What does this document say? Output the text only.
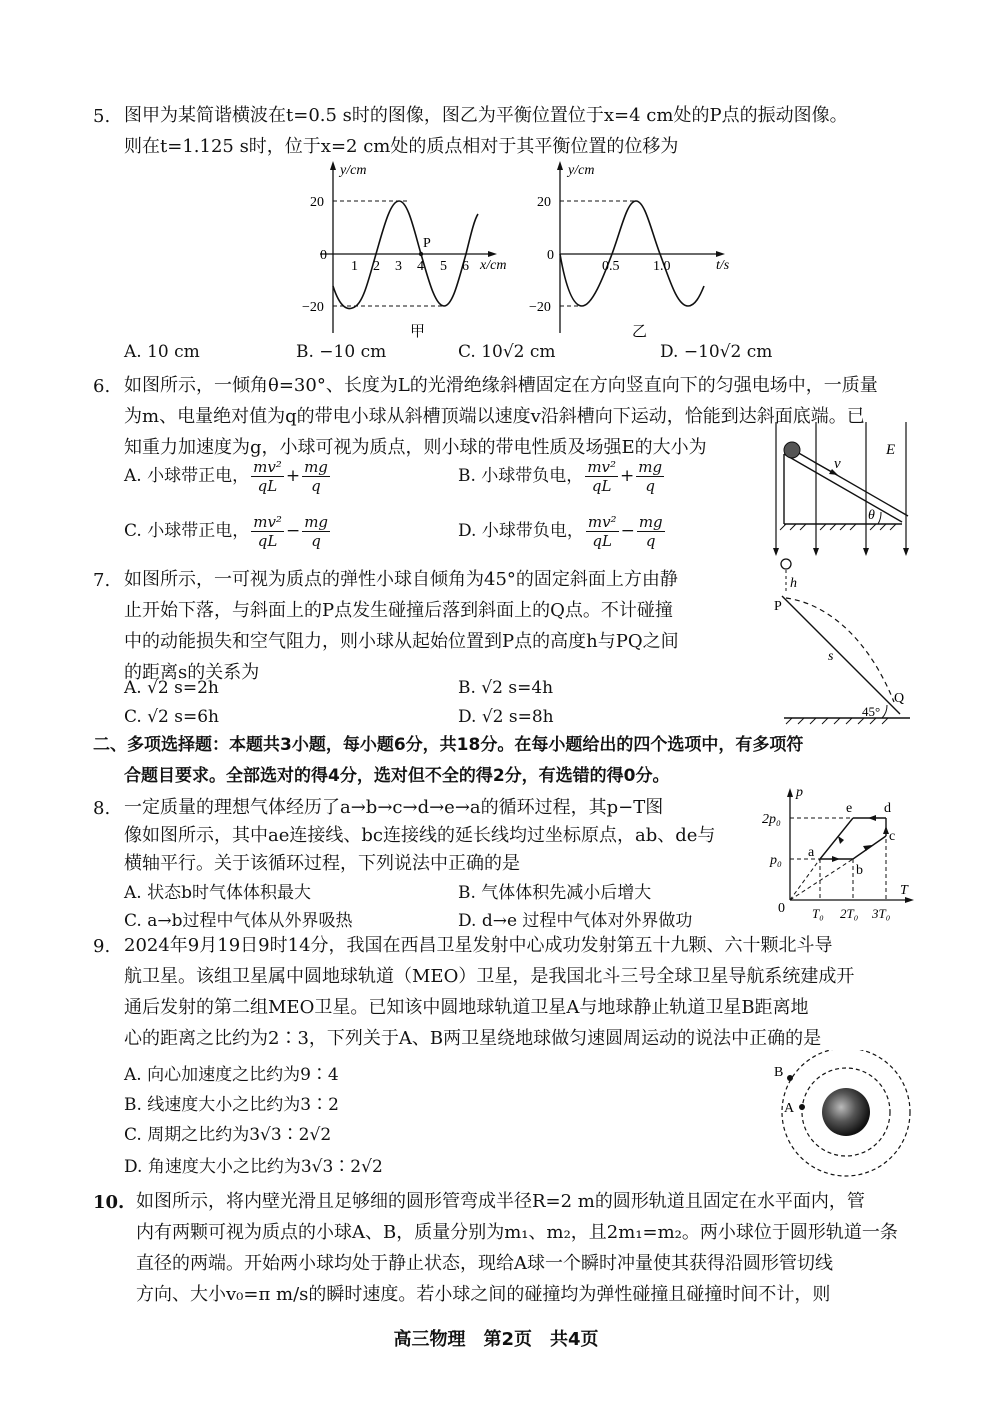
5. 图甲为某简谐横波在t=0.5 s时的图像，图乙为平衡位置位于x=4 cm处的P点的振动图像。
则在t=1.125 s时，位于x=2 cm处的质点相对于其平衡位置的位移为
y/cm
x/cm
20
0
−20
1 2 3 4 5 6
P
甲
y/cm
t/s
20
0
−20
0.5 1.0
乙
A. 10 cm	B. −10 cm	C. 10√2 cm	D. −10√2 cm
6. 如图所示，一倾角θ=30°、长度为L的光滑绝缘斜槽固定在方向竖直向下的匀强电场中，一质量
为m、电量绝对值为q的带电小球从斜槽顶端以速度v沿斜槽向下运动，恰能到达斜面底端。已
知重力加速度为g，小球可视为质点，则小球的带电性质及场强E的大小为
A. 小球带正电， $\frac{\text{mv²}}{qL} + \frac{mg}{q}$	B. 小球带负电， $\frac{\text{mv²}}{qL} + \frac{mg}{q}$
C. 小球带正电， $\frac{\text{mv²}}{qL} - \frac{mg}{q}$	D. 小球带负电， $\frac{\text{mv²}}{qL} - \frac{mg}{q}$
E
v
θ
7. 如图所示，一可视为质点的弹性小球自倾角为45°的固定斜面上方由静
止开始下落，与斜面上的P点发生碰撞后落到斜面上的Q点。不计碰撞
中的动能损失和空气阻力，则小球从起始位置到P点的高度h与PQ之间
的距离s的关系为
A. √2 s=2h	B. √2 s=4h
C. √2 s=6h	D. √2 s=8h
h
P
s
Q
45°
二、多项选择题：本题共3小题，每小题6分，共18分。在每小题给出的四个选项中，有多项符
合题目要求。全部选对的得4分，选对但不全的得2分，有选错的得0分。
8. 一定质量的理想气体经历了a→b→c→d→e→a的循环过程，其p−T图
像如图所示，其中ae连接线、bc连接线的延长线均过坐标原点，ab、de与
横轴平行。关于该循环过程，下列说法中正确的是
A. 状态b时气体体积最大	B. 气体体积先减小后增大
C. a→b过程中气体从外界吸热	D. d→e 过程中气体对外界做功
p
T
2p₀
p₀
0 T₀ 2T₀ 3T₀
a
b
c
d
e
9. 2024年9月19日9时14分，我国在西昌卫星发射中心成功发射第五十九颗、六十颗北斗导
航卫星。该组卫星属中圆地球轨道（MEO）卫星，是我国北斗三号全球卫星导航系统建成开
通后发射的第二组MEO卫星。已知该中圆地球轨道卫星A与地球静止轨道卫星B距离地
心的距离之比约为2∶3，下列关于A、B两卫星绕地球做匀速圆周运动的说法中正确的是
A. 向心加速度之比约为9∶4
B. 线速度大小之比约为3∶2
C. 周期之比约为3√3∶2√2
D. 角速度大小之比约为3√3∶2√2
A
B
10. 如图所示，将内壁光滑且足够细的圆形管弯成半径R=2 m的圆形轨道且固定在水平面内，管
内有两颗可视为质点的小球A、B，质量分别为m₁、m₂，且2m₁=m₂。两小球位于圆形轨道一条
直径的两端。开始两小球均处于静止状态，现给A球一个瞬时冲量使其获得沿圆形管切线
方向、大小v₀=π m/s的瞬时速度。若小球之间的碰撞均为弹性碰撞且碰撞时间不计，则
高三物理　第2页　共4页
